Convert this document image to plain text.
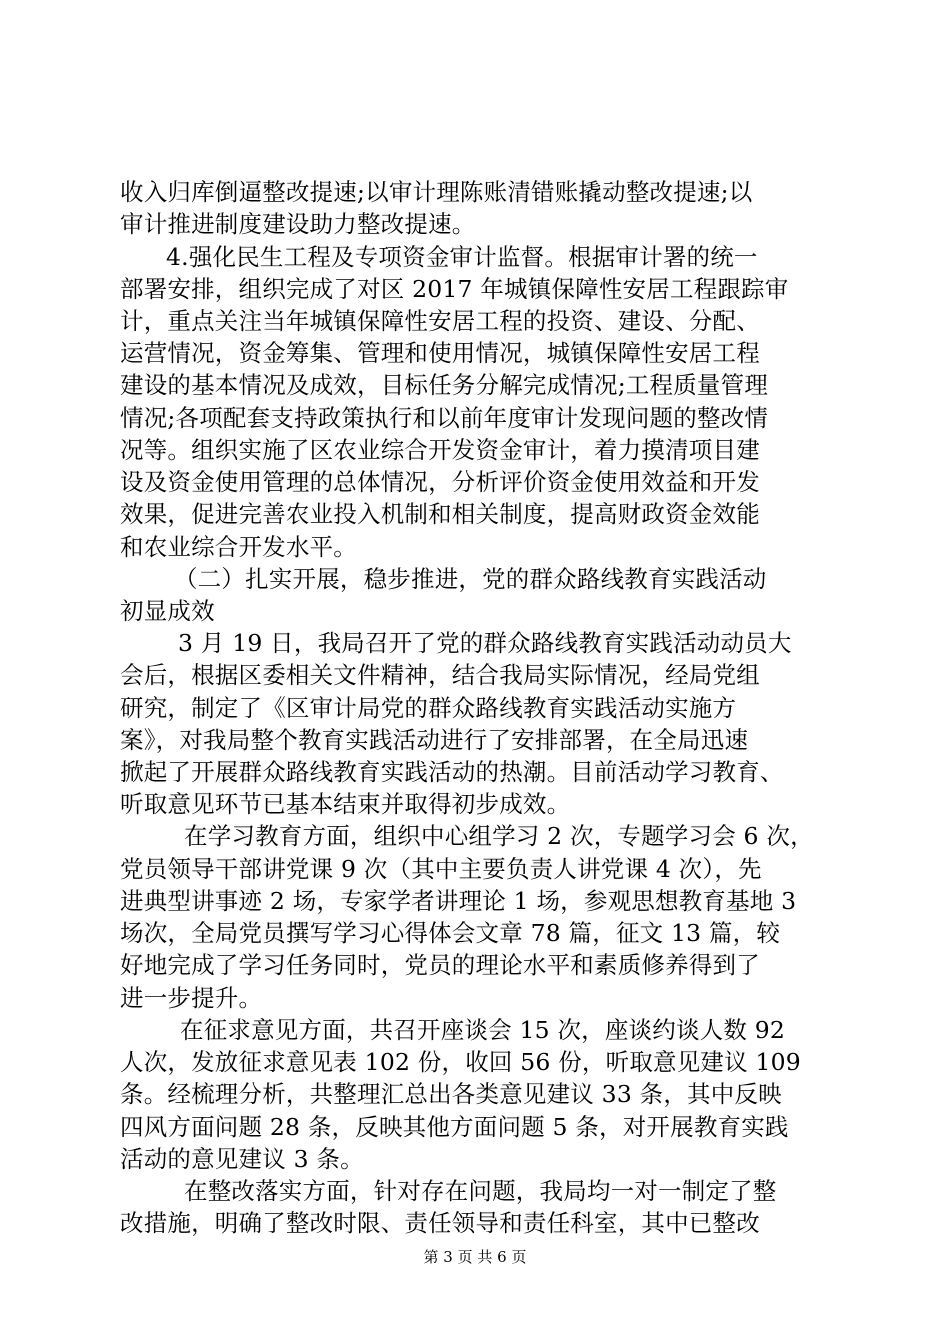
收入归库倒逼整改提速;以审计理陈账清错账撬动整改提速;以
审计推进制度建设助力整改提速。
4.强化民生工程及专项资金审计监督。根据审计署的统一
部署安排，组织完成了对区 2017 年城镇保障性安居工程跟踪审
计，重点关注当年城镇保障性安居工程的投资、建设、分配、
运营情况，资金筹集、管理和使用情况，城镇保障性安居工程
建设的基本情况及成效，目标任务分解完成情况;工程质量管理
情况;各项配套支持政策执行和以前年度审计发现问题的整改情
况等。组织实施了区农业综合开发资金审计，着力摸清项目建
设及资金使用管理的总体情况，分析评价资金使用效益和开发
效果，促进完善农业投入机制和相关制度，提高财政资金效能
和农业综合开发水平。
（二）扎实开展，稳步推进，党的群众路线教育实践活动
初显成效
3 月 19 日，我局召开了党的群众路线教育实践活动动员大
会后，根据区委相关文件精神，结合我局实际情况，经局党组
研究，制定了《区审计局党的群众路线教育实践活动实施方
案》，对我局整个教育实践活动进行了安排部署，在全局迅速
掀起了开展群众路线教育实践活动的热潮。目前活动学习教育、
听取意见环节已基本结束并取得初步成效。
在学习教育方面，组织中心组学习 2 次，专题学习会 6 次，
党员领导干部讲党课 9 次（其中主要负责人讲党课 4 次），先
进典型讲事迹 2 场，专家学者讲理论 1 场，参观思想教育基地 3
场次，全局党员撰写学习心得体会文章 78 篇，征文 13 篇，较
好地完成了学习任务同时，党员的理论水平和素质修养得到了
进一步提升。
在征求意见方面，共召开座谈会 15 次，座谈约谈人数 92
人次，发放征求意见表 102 份，收回 56 份，听取意见建议 109
条。经梳理分析，共整理汇总出各类意见建议 33 条，其中反映
四风方面问题 28 条，反映其他方面问题 5 条，对开展教育实践
活动的意见建议 3 条。
在整改落实方面，针对存在问题，我局均一对一制定了整
改措施，明确了整改时限、责任领导和责任科室，其中已整改
第 3 页 共 6 页
